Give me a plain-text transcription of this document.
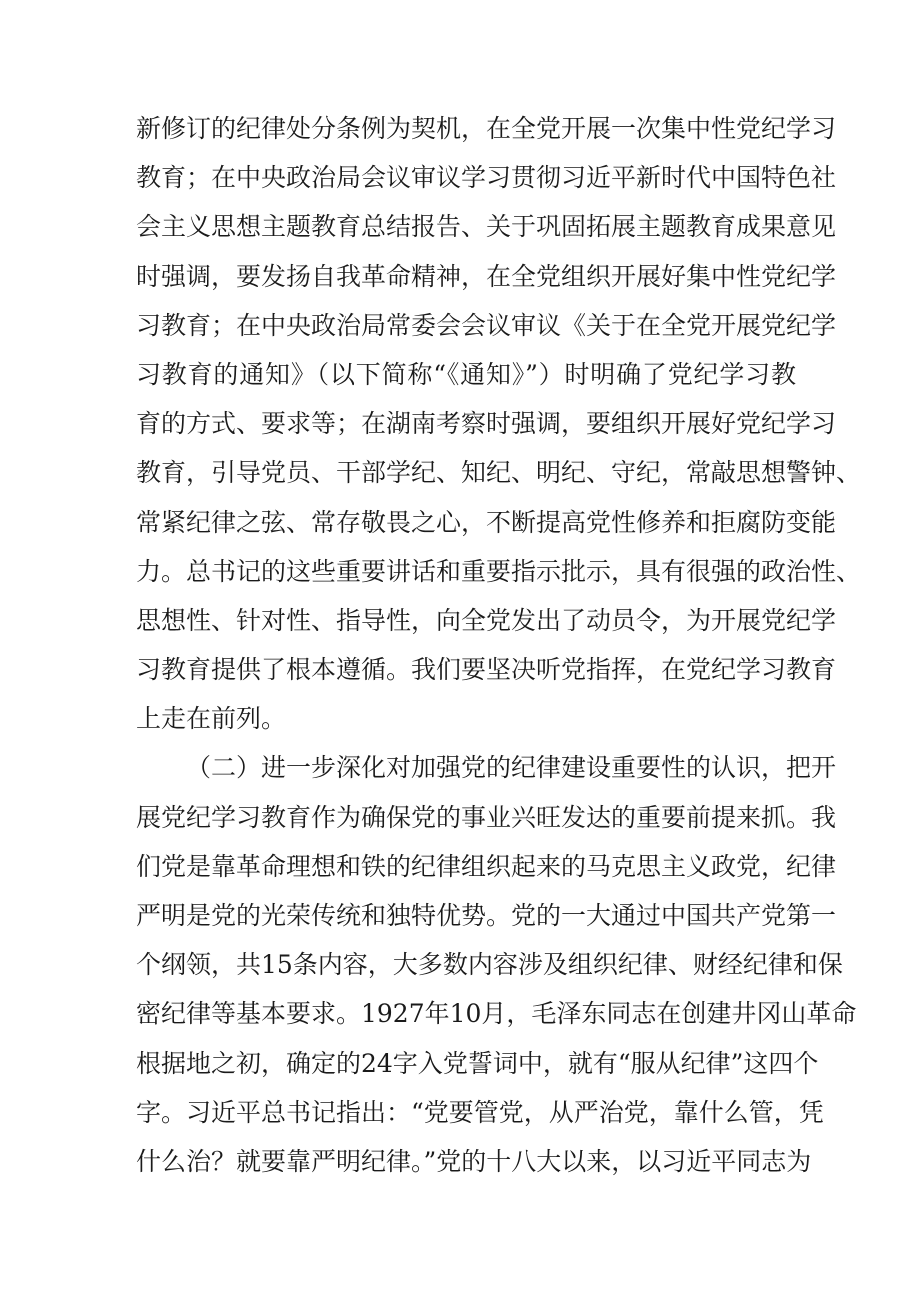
新修订的纪律处分条例为契机，在全党开展一次集中性党纪学习
教育；在中央政治局会议审议学习贯彻习近平新时代中国特色社
会主义思想主题教育总结报告、关于巩固拓展主题教育成果意见
时强调，要发扬自我革命精神，在全党组织开展好集中性党纪学
习教育；在中央政治局常委会会议审议《关于在全党开展党纪学
习教育的通知》（以下简称“《通知》”）时明确了党纪学习教
育的方式、要求等；在湖南考察时强调，要组织开展好党纪学习
教育，引导党员、干部学纪、知纪、明纪、守纪，常敲思想警钟、
常紧纪律之弦、常存敬畏之心，不断提高党性修养和拒腐防变能
力。总书记的这些重要讲话和重要指示批示，具有很强的政治性、
思想性、针对性、指导性，向全党发出了动员令，为开展党纪学
习教育提供了根本遵循。我们要坚决听党指挥，在党纪学习教育
上走在前列。
（二）进一步深化对加强党的纪律建设重要性的认识，把开
展党纪学习教育作为确保党的事业兴旺发达的重要前提来抓。我
们党是靠革命理想和铁的纪律组织起来的马克思主义政党，纪律
严明是党的光荣传统和独特优势。党的一大通过中国共产党第一
个纲领，共15条内容，大多数内容涉及组织纪律、财经纪律和保
密纪律等基本要求。1927年10月，毛泽东同志在创建井冈山革命
根据地之初，确定的24字入党誓词中，就有“服从纪律”这四个
字。习近平总书记指出：“党要管党，从严治党，靠什么管，凭
什么治？就要靠严明纪律。”党的十八大以来，以习近平同志为
